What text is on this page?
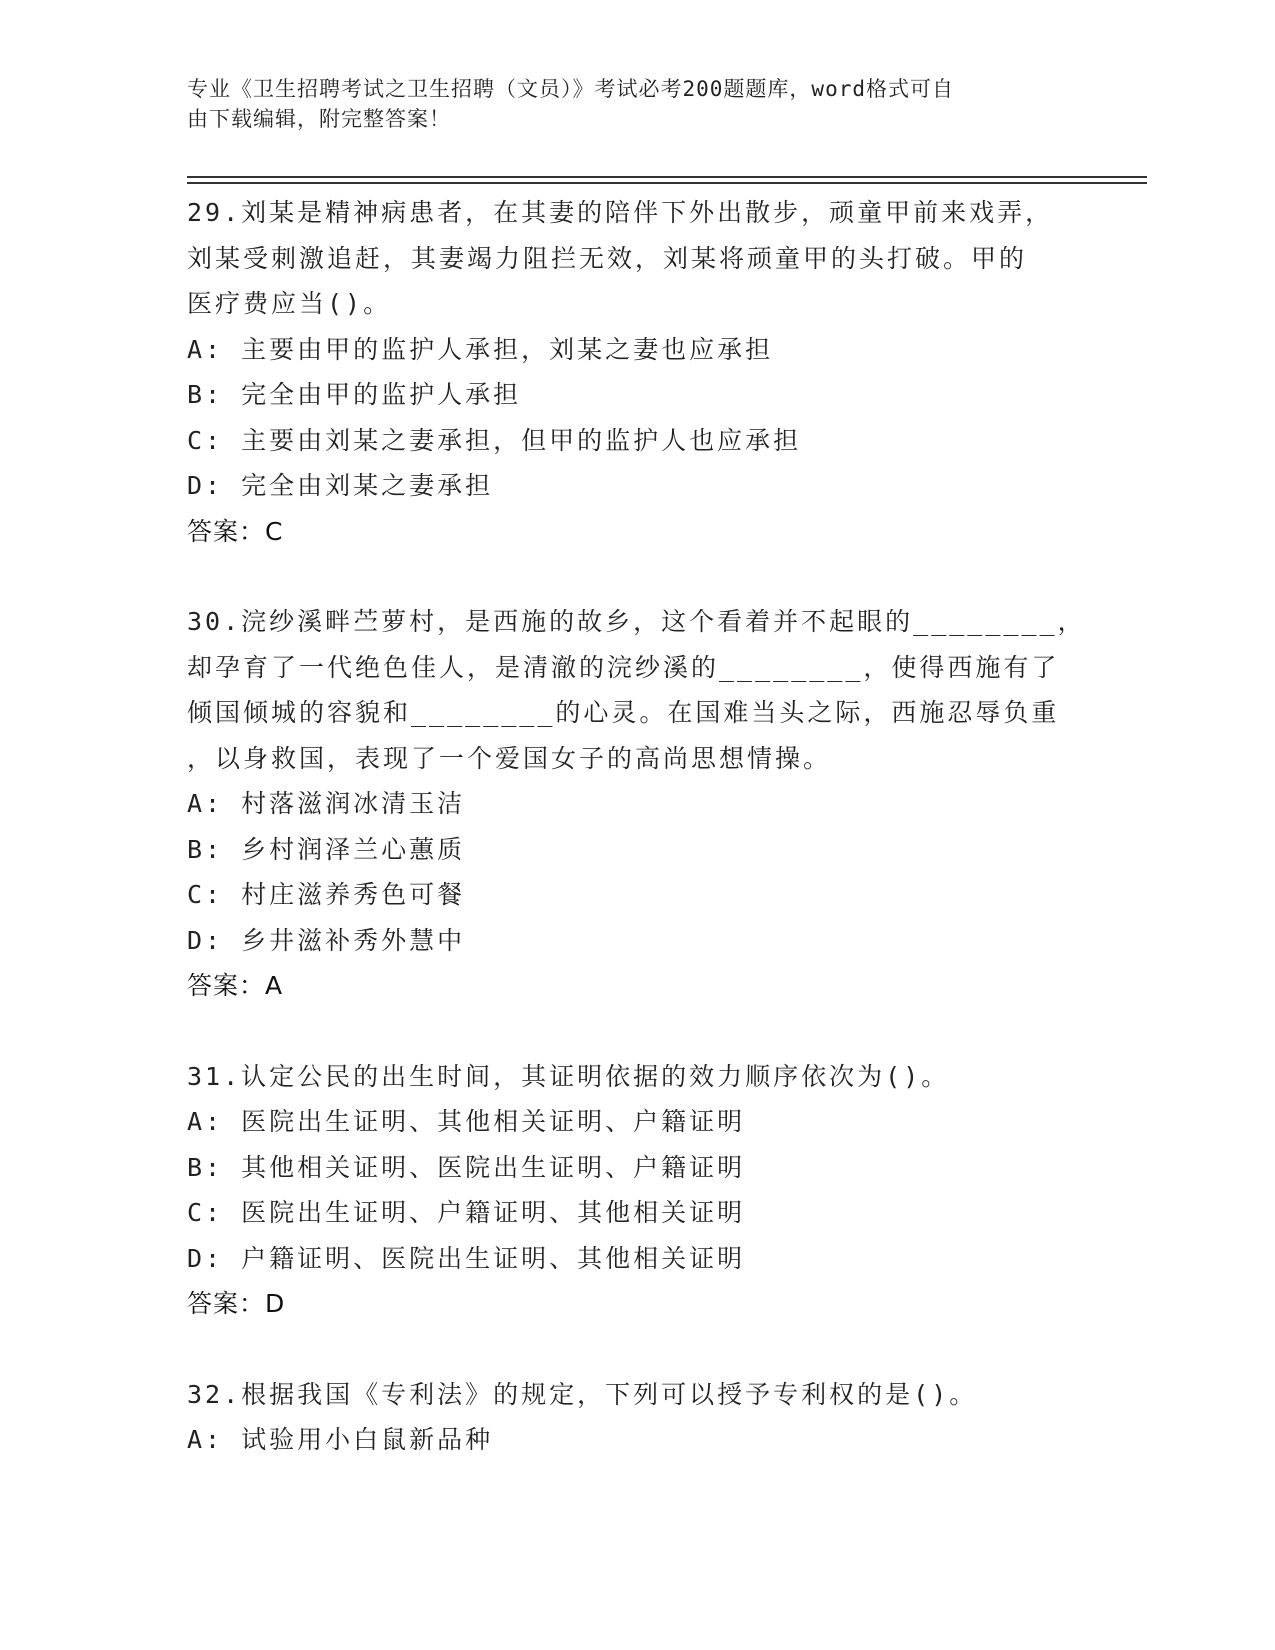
专业《卫生招聘考试之卫生招聘（文员）》考试必考200题题库，word格式可自
由下载编辑，附完整答案！
29.刘某是精神病患者，在其妻的陪伴下外出散步，顽童甲前来戏弄，
刘某受刺激追赶，其妻竭力阻拦无效，刘某将顽童甲的头打破。甲的
医疗费应当()。
A: 主要由甲的监护人承担，刘某之妻也应承担
B: 完全由甲的监护人承担
C: 主要由刘某之妻承担，但甲的监护人也应承担
D: 完全由刘某之妻承担
答案：C
30.浣纱溪畔苎萝村，是西施的故乡，这个看着并不起眼的________，
却孕育了一代绝色佳人，是清澈的浣纱溪的________，使得西施有了
倾国倾城的容貌和________的心灵。在国难当头之际，西施忍辱负重
，以身救国，表现了一个爱国女子的高尚思想情操。
A: 村落滋润冰清玉洁
B: 乡村润泽兰心蕙质
C: 村庄滋养秀色可餐
D: 乡井滋补秀外慧中
答案：A
31.认定公民的出生时间，其证明依据的效力顺序依次为()。
A: 医院出生证明、其他相关证明、户籍证明
B: 其他相关证明、医院出生证明、户籍证明
C: 医院出生证明、户籍证明、其他相关证明
D: 户籍证明、医院出生证明、其他相关证明
答案：D
32.根据我国《专利法》的规定，下列可以授予专利权的是()。
A: 试验用小白鼠新品种
